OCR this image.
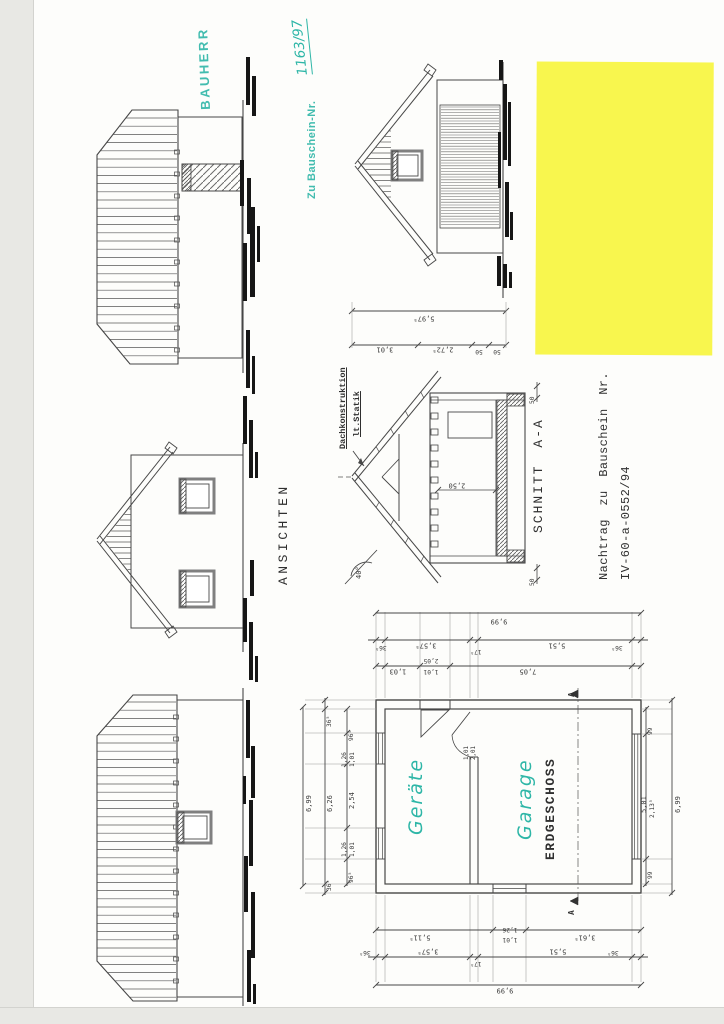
BAUHERR
Zu Bauschein-Nr.
1163/97
ANSICHTEN
SCHNITT A-A	Nachtrag zu Bauschein Nr. IV-60-a-0552/94
Dachkonstruktion lt.Statik
Geräte	Garage ERDGESCHOSS
5,97⁵
3,01	2,72⁵	50 50
2,50
50
50
40°
9,99
36⁵	3,57⁵
17⁵
5,51	36⁵
1,03
2,05
1,01	7,05
5,11⁵
1,26
1,01	3,61⁵
36⁵	3,57⁵
17⁵
5,51	36⁵
9,99
6,99
36⁵
6,26
36⁵
96⁵
1,26 1,01
2,54
1,26 1,01
96⁵
99
5,01 2,13⁵
99
6,99
1,01 2,01
A
A
